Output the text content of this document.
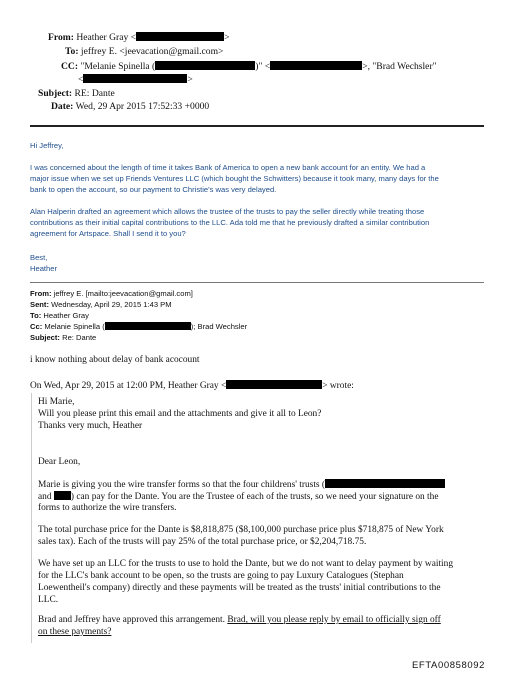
From: Heather Gray <	>
To: jeffrey E. <jeevacation@gmail.com>
CC: "Melanie Spinella (	)" <	>, "Brad Wechsler"
<	>
Subject: RE: Dante
Date: Wed, 29 Apr 2015 17:52:33 +0000
Hi Jeffrey,
I was concerned about the length of time it takes Bank of America to open a new bank account for an entity. We had a
major issue when we set up Friends Ventures LLC (which bought the Schwitters) because it took many, many days for the
bank to open the account, so our payment to Christie's was very delayed.
Alan Halperin drafted an agreement which allows the trustee of the trusts to pay the seller directly while treating those
contributions as their initial capital contributions to the LLC. Ada told me that he previously drafted a similar contribution
agreement for Artspace. Shall I send it to you?
Best,
Heather
From: jeffrey E. [mailto:jeevacation@gmail.com]
Sent: Wednesday, April 29, 2015 1:43 PM
To: Heather Gray
Cc: Melanie Spinella (	); Brad Wechsler
Subject: Re: Dante
i know nothing about delay of bank acocount
On Wed, Apr 29, 2015 at 12:00 PM, Heather Gray <	> wrote:
Hi Marie,
Will you please print this email and the attachments and give it all to Leon?
Thanks very much, Heather
Dear Leon,
Marie is giving you the wire transfer forms so that the four childrens' trusts (
and ) can pay for the Dante. You are the Trustee of each of the trusts, so we need your signature on the
forms to authorize the wire transfers.
The total purchase price for the Dante is $8,818,875 ($8,100,000 purchase price plus $718,875 of New York
sales tax). Each of the trusts will pay 25% of the total purchase price, or $2,204,718.75.
We have set up an LLC for the trusts to use to hold the Dante, but we do not want to delay payment by waiting
for the LLC's bank account to be open, so the trusts are going to pay Luxury Catalogues (Stephan
Loewentheil's company) directly and these payments will be treated as the trusts' initial contributions to the
LLC.
Brad and Jeffrey have approved this arrangement. Brad, will you please reply by email to officially sign off
on these payments?
EFTA00858092
